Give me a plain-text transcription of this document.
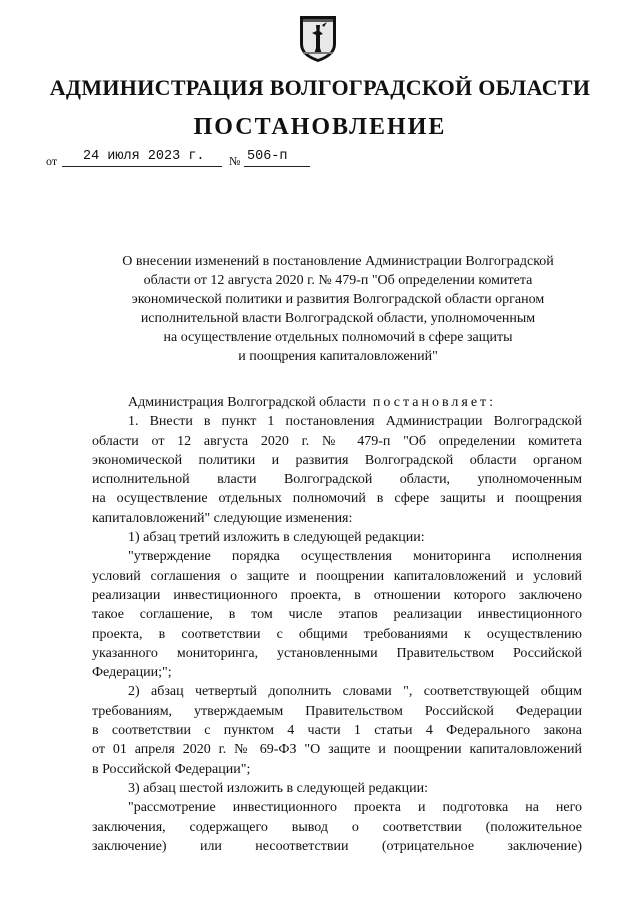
АДМИНИСТРАЦИЯ ВОЛГОГРАДСКОЙ ОБЛАСТИ
ПОСТАНОВЛЕНИЕ
от 24 июля 2023 г. № 506-п
О внесении изменений в постановление Администрации Волгоградской
области от 12 августа 2020 г. № 479-п "Об определении комитета
экономической политики и развития Волгоградской области органом
исполнительной власти Волгоградской области, уполномоченным
на осуществление отдельных полномочий в сфере защиты
и поощрения капиталовложений"
Администрация Волгоградской области постановляет:
1. Внести в пункт 1 постановления Администрации Волгоградской
области от 12 августа 2020 г. № 479-п "Об определении комитета
экономической политики и развития Волгоградской области органом
исполнительной власти Волгоградской области, уполномоченным
на осуществление отдельных полномочий в сфере защиты и поощрения
капиталовложений" следующие изменения:
1) абзац третий изложить в следующей редакции:
"утверждение порядка осуществления мониторинга исполнения
условий соглашения о защите и поощрении капиталовложений и условий
реализации инвестиционного проекта, в отношении которого заключено
такое соглашение, в том числе этапов реализации инвестиционного
проекта, в соответствии с общими требованиями к осуществлению
указанного мониторинга, установленными Правительством Российской
Федерации;";
2) абзац четвертый дополнить словами ", соответствующей общим
требованиям, утверждаемым Правительством Российской Федерации
в соответствии с пунктом 4 части 1 статьи 4 Федерального закона
от 01 апреля 2020 г. № 69-ФЗ "О защите и поощрении капиталовложений
в Российской Федерации";
3) абзац шестой изложить в следующей редакции:
"рассмотрение инвестиционного проекта и подготовка на него
заключения, содержащего вывод о соответствии (положительное
заключение) или несоответствии (отрицательное заключение)
